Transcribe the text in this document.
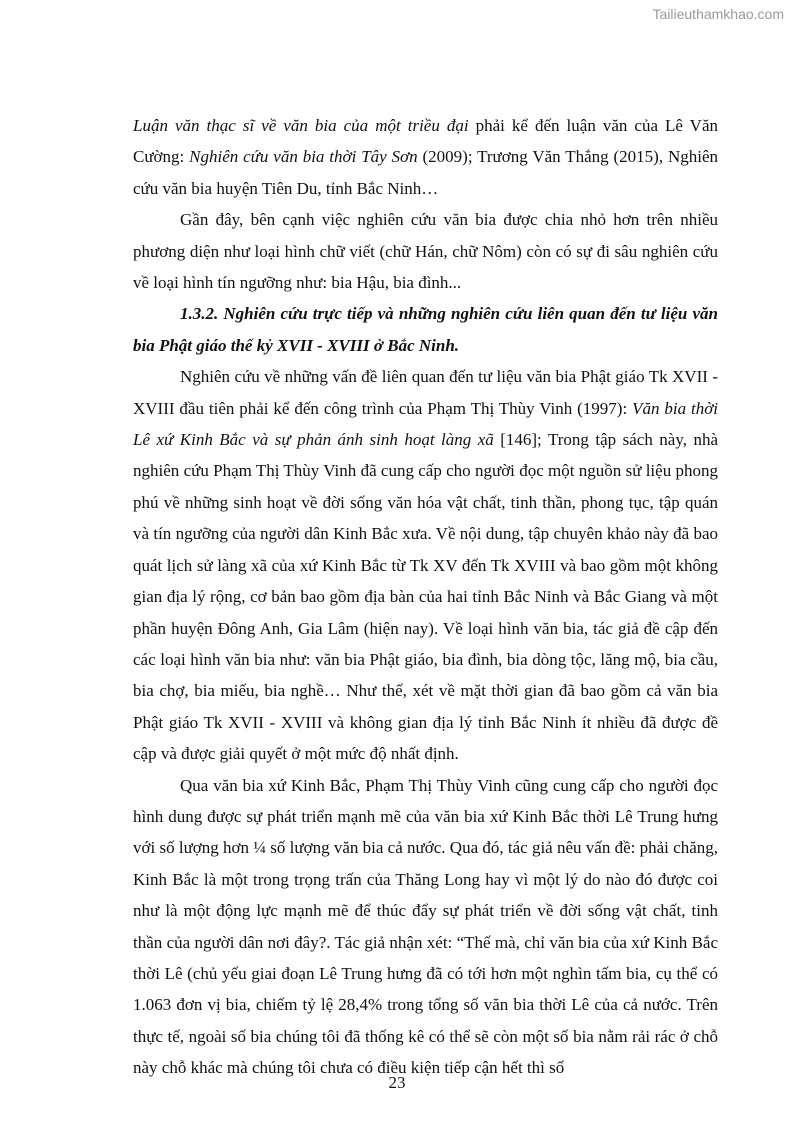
Tailieuthamkhao.com

Luận văn thạc sĩ về văn bia của một triều đại phải kể đến luận văn của Lê Văn Cường: Nghiên cứu văn bia thời Tây Sơn (2009); Trương Văn Thắng (2015), Nghiên cứu văn bia huyện Tiên Du, tỉnh Bắc Ninh…

Gần đây, bên cạnh việc nghiên cứu văn bia được chia nhỏ hơn trên nhiều phương diện như loại hình chữ viết (chữ Hán, chữ Nôm) còn có sự đi sâu nghiên cứu về loại hình tín ngưỡng như: bia Hậu, bia đình...

1.3.2. Nghiên cứu trực tiếp và những nghiên cứu liên quan đến tư liệu văn bia Phật giáo thế kỷ XVII - XVIII ở Bắc Ninh.

Nghiên cứu về những vấn đề liên quan đến tư liệu văn bia Phật giáo Tk XVII - XVIII đầu tiên phải kể đến công trình của Phạm Thị Thùy Vinh (1997): Văn bia thời Lê xứ Kinh Bắc và sự phản ánh sinh hoạt làng xã [146]; Trong tập sách này, nhà nghiên cứu Phạm Thị Thùy Vinh đã cung cấp cho người đọc một nguồn sử liệu phong phú về những sinh hoạt về đời sống văn hóa vật chất, tinh thần, phong tục, tập quán và tín ngưỡng của người dân Kinh Bắc xưa. Về nội dung, tập chuyên khảo này đã bao quát lịch sử làng xã của xứ Kinh Bắc từ Tk XV đến Tk XVIII và bao gồm một không gian địa lý rộng, cơ bản bao gồm địa bàn của hai tỉnh Bắc Ninh và Bắc Giang và một phần huyện Đông Anh, Gia Lâm (hiện nay). Về loại hình văn bia, tác giả đề cập đến các loại hình văn bia như: văn bia Phật giáo, bia đình, bia dòng tộc, lăng mộ, bia cầu, bia chợ, bia miếu, bia nghề… Như thế, xét về mặt thời gian đã bao gồm cả văn bia Phật giáo Tk XVII - XVIII và không gian địa lý tỉnh Bắc Ninh ít nhiều đã được đề cập và được giải quyết ở một mức độ nhất định.

Qua văn bia xứ Kinh Bắc, Phạm Thị Thùy Vinh cũng cung cấp cho người đọc hình dung được sự phát triển mạnh mẽ của văn bia xứ Kinh Bắc thời Lê Trung hưng với số lượng hơn ¼ số lượng văn bia cả nước. Qua đó, tác giả nêu vấn đề: phải chăng, Kinh Bắc là một trong trọng trấn của Thăng Long hay vì một lý do nào đó được coi như là một động lực mạnh mẽ để thúc đẩy sự phát triển về đời sống vật chất, tinh thần của người dân nơi đây?. Tác giả nhận xét: “Thế mà, chỉ văn bia của xứ Kinh Bắc thời Lê (chủ yếu giai đoạn Lê Trung hưng đã có tới hơn một nghìn tấm bia, cụ thể có 1.063 đơn vị bia, chiếm tỷ lệ 28,4% trong tổng số văn bia thời Lê của cả nước. Trên thực tế, ngoài số bia chúng tôi đã thống kê có thể sẽ còn một số bia nằm rải rác ở chỗ này chỗ khác mà chúng tôi chưa có điều kiện tiếp cận hết thì số

23
